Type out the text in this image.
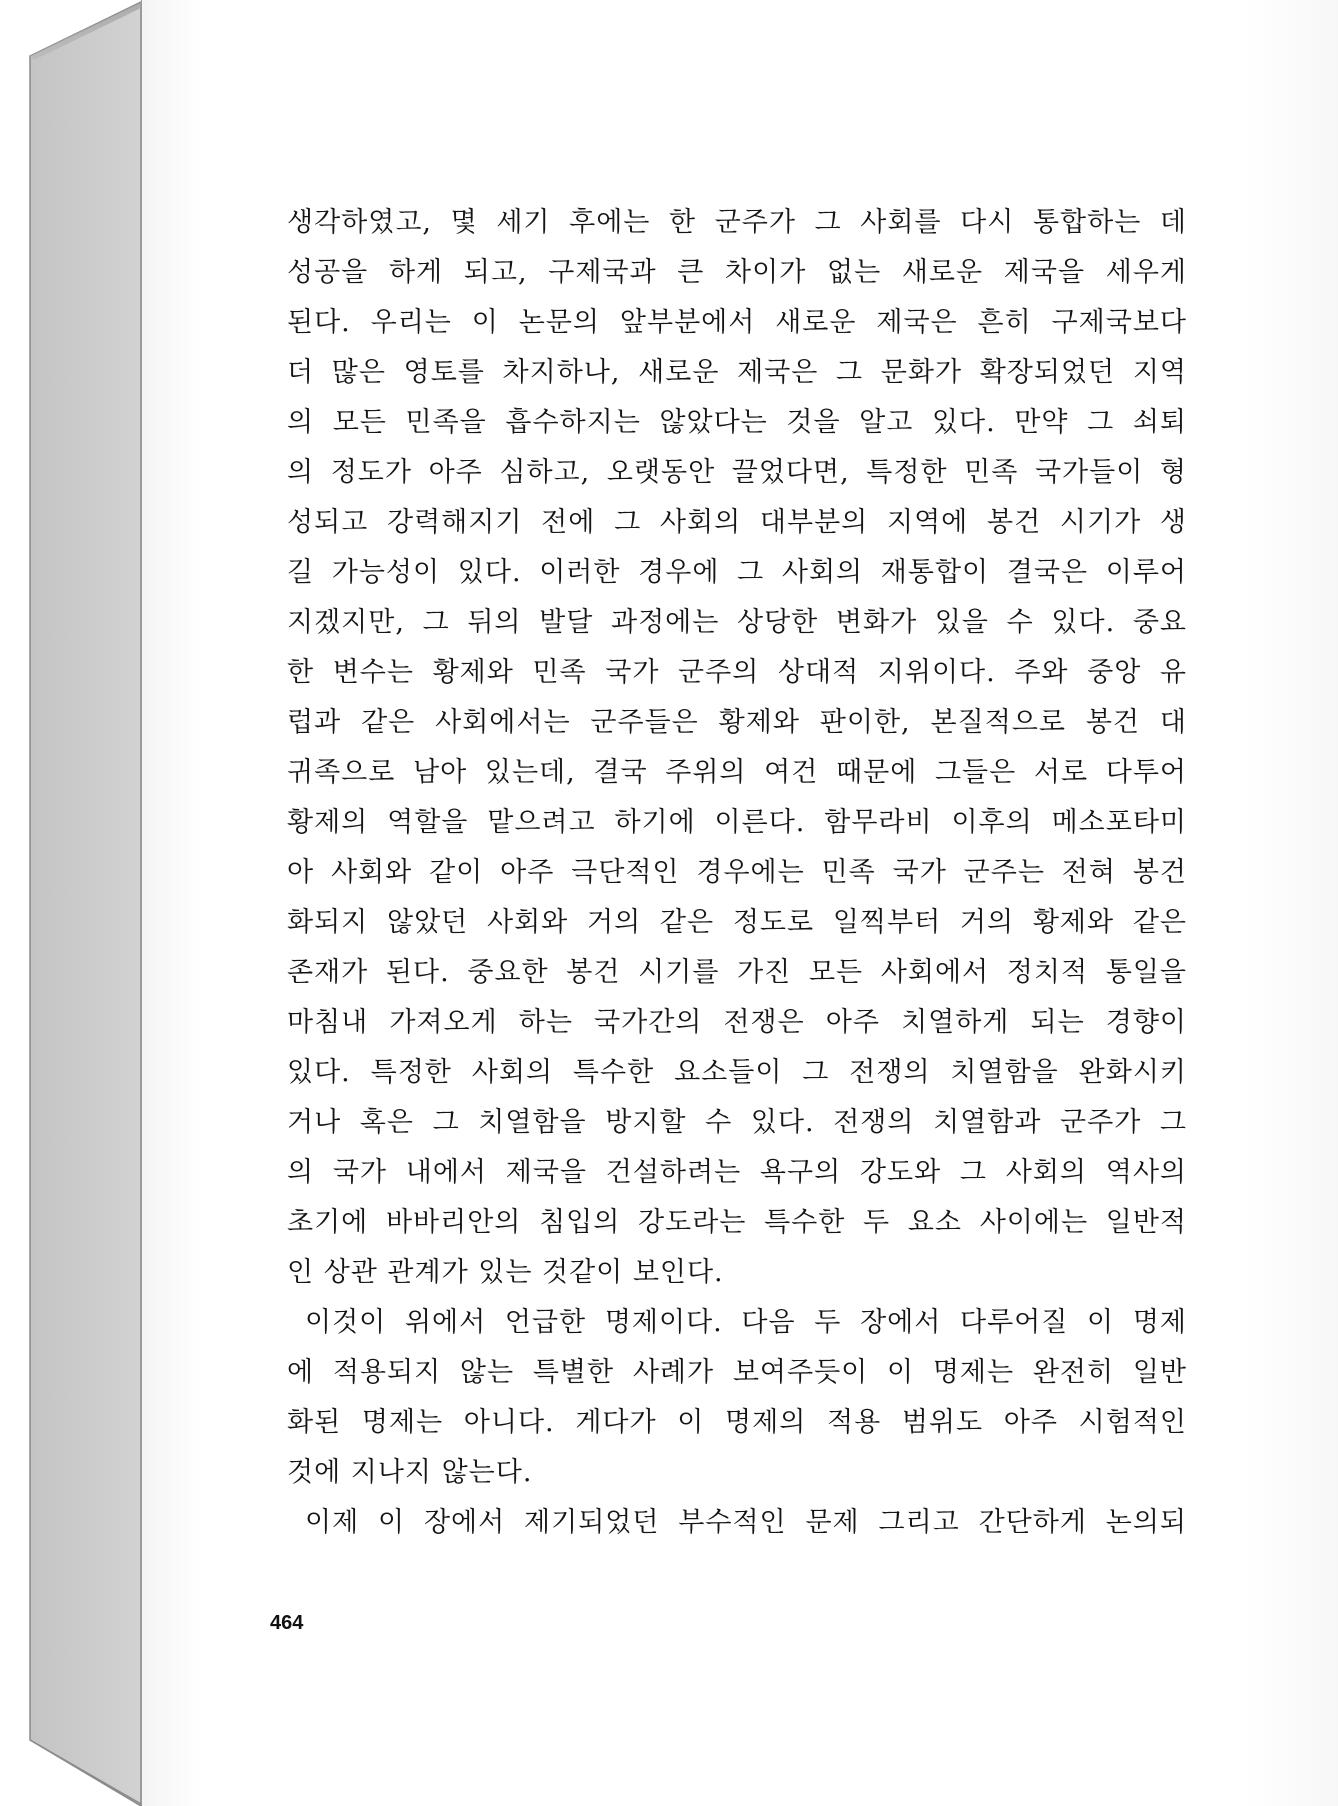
생각하였고, 몇 세기 후에는 한 군주가 그 사회를 다시 통합하는 데
성공을 하게 되고, 구제국과 큰 차이가 없는 새로운 제국을 세우게
된다. 우리는 이 논문의 앞부분에서 새로운 제국은 흔히 구제국보다
더 많은 영토를 차지하나, 새로운 제국은 그 문화가 확장되었던 지역
의 모든 민족을 흡수하지는 않았다는 것을 알고 있다. 만약 그 쇠퇴
의 정도가 아주 심하고, 오랫동안 끌었다면, 특정한 민족 국가들이 형
성되고 강력해지기 전에 그 사회의 대부분의 지역에 봉건 시기가 생
길 가능성이 있다. 이러한 경우에 그 사회의 재통합이 결국은 이루어
지겠지만, 그 뒤의 발달 과정에는 상당한 변화가 있을 수 있다. 중요
한 변수는 황제와 민족 국가 군주의 상대적 지위이다. 주와 중앙 유
럽과 같은 사회에서는 군주들은 황제와 판이한, 본질적으로 봉건 대
귀족으로 남아 있는데, 결국 주위의 여건 때문에 그들은 서로 다투어
황제의 역할을 맡으려고 하기에 이른다. 함무라비 이후의 메소포타미
아 사회와 같이 아주 극단적인 경우에는 민족 국가 군주는 전혀 봉건
화되지 않았던 사회와 거의 같은 정도로 일찍부터 거의 황제와 같은
존재가 된다. 중요한 봉건 시기를 가진 모든 사회에서 정치적 통일을
마침내 가져오게 하는 국가간의 전쟁은 아주 치열하게 되는 경향이
있다. 특정한 사회의 특수한 요소들이 그 전쟁의 치열함을 완화시키
거나 혹은 그 치열함을 방지할 수 있다. 전쟁의 치열함과 군주가 그
의 국가 내에서 제국을 건설하려는 욕구의 강도와 그 사회의 역사의
초기에 바바리안의 침입의 강도라는 특수한 두 요소 사이에는 일반적
인 상관 관계가 있는 것같이 보인다.
이것이 위에서 언급한 명제이다. 다음 두 장에서 다루어질 이 명제
에 적용되지 않는 특별한 사례가 보여주듯이 이 명제는 완전히 일반
화된 명제는 아니다. 게다가 이 명제의 적용 범위도 아주 시험적인
것에 지나지 않는다.
이제 이 장에서 제기되었던 부수적인 문제 그리고 간단하게 논의되
464
